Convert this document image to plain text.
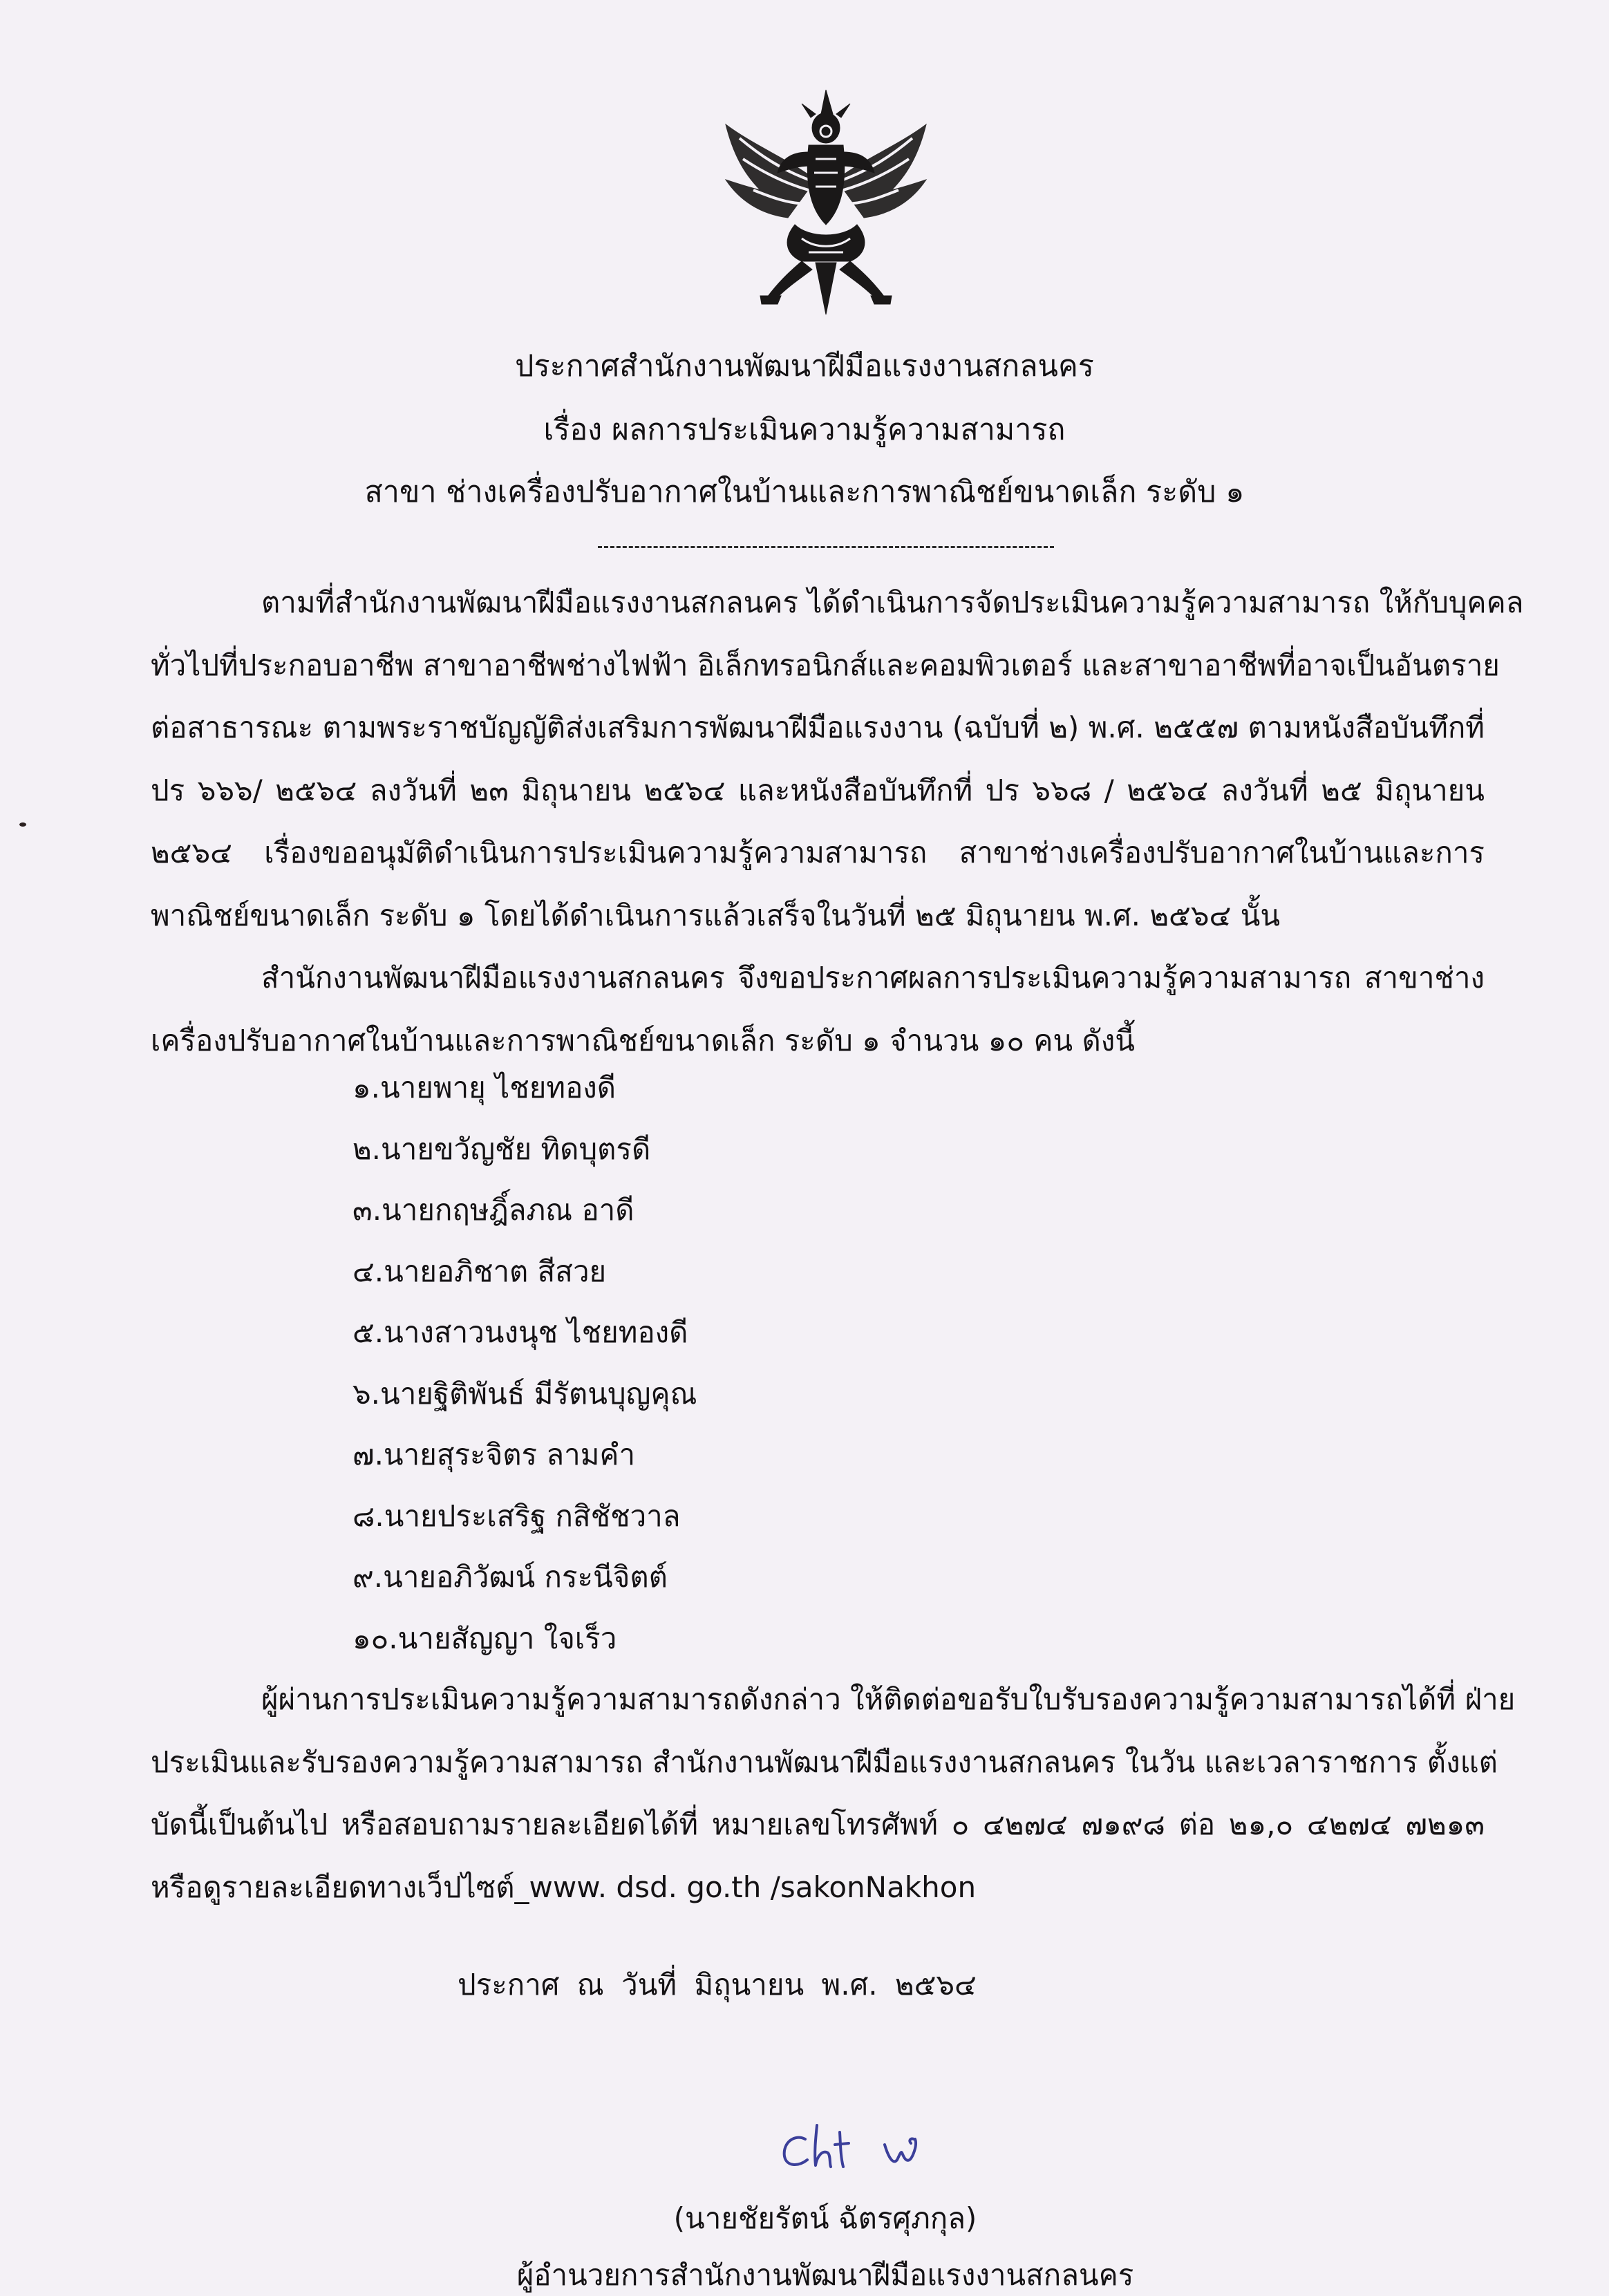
ประกาศสำนักงานพัฒนาฝีมือแรงงานสกลนคร
เรื่อง ผลการประเมินความรู้ความสามารถ
สาขา ช่างเครื่องปรับอากาศในบ้านและการพาณิชย์ขนาดเล็ก ระดับ ๑
ตามที่สำนักงานพัฒนาฝีมือแรงงานสกลนคร ได้ดำเนินการจัดประเมินความรู้ความสามารถ ให้กับบุคคล
ทั่วไปที่ประกอบอาชีพ สาขาอาชีพช่างไฟฟ้า อิเล็กทรอนิกส์และคอมพิวเตอร์ และสาขาอาชีพที่อาจเป็นอันตราย
ต่อสาธารณะ ตามพระราชบัญญัติส่งเสริมการพัฒนาฝีมือแรงงาน (ฉบับที่ ๒) พ.ศ. ๒๕๕๗ ตามหนังสือบันทึกที่
ปร ๖๖๖/ ๒๕๖๔ ลงวันที่ ๒๓ มิถุนายน ๒๕๖๔ และหนังสือบันทึกที่ ปร ๖๖๘ / ๒๕๖๔ ลงวันที่ ๒๕ มิถุนายน
๒๕๖๔ เรื่องขออนุมัติดำเนินการประเมินความรู้ความสามารถ สาขาช่างเครื่องปรับอากาศในบ้านและการ
พาณิชย์ขนาดเล็ก ระดับ ๑ โดยได้ดำเนินการแล้วเสร็จในวันที่ ๒๕ มิถุนายน พ.ศ. ๒๕๖๔ นั้น
สำนักงานพัฒนาฝีมือแรงงานสกลนคร จึงขอประกาศผลการประเมินความรู้ความสามารถ สาขาช่าง
เครื่องปรับอากาศในบ้านและการพาณิชย์ขนาดเล็ก ระดับ ๑ จำนวน ๑๐ คน ดังนี้
๑.นายพายุ ไชยทองดี
๒.นายขวัญชัย ทิดบุตรดี
๓.นายกฤษฎิ์ลภณ อาดี
๔.นายอภิชาต สีสวย
๕.นางสาวนงนุช ไชยทองดี
๖.นายฐิติพันธ์ มีรัตนบุญคุณ
๗.นายสุระจิตร ลามคำ
๘.นายประเสริฐ กสิชัชวาล
๙.นายอภิวัฒน์ กระนีจิตต์
๑๐.นายสัญญา ใจเร็ว
ผู้ผ่านการประเมินความรู้ความสามารถดังกล่าว ให้ติดต่อขอรับใบรับรองความรู้ความสามารถได้ที่ ฝ่าย
ประเมินและรับรองความรู้ความสามารถ สำนักงานพัฒนาฝีมือแรงงานสกลนคร ในวัน และเวลาราชการ ตั้งแต่
บัดนี้เป็นต้นไป หรือสอบถามรายละเอียดได้ที่ หมายเลขโทรศัพท์ ๐ ๔๒๗๔ ๗๑๙๘ ต่อ ๒๑,๐ ๔๒๗๔ ๗๒๑๓
หรือดูรายละเอียดทางเว็ปไซต์_www. dsd. go.th /sakonNakhon
ประกาศ ณ วันที่ มิถุนายน พ.ศ. ๒๕๖๔
(นายชัยรัตน์ ฉัตรศุภกุล)
ผู้อำนวยการสำนักงานพัฒนาฝีมือแรงงานสกลนคร
